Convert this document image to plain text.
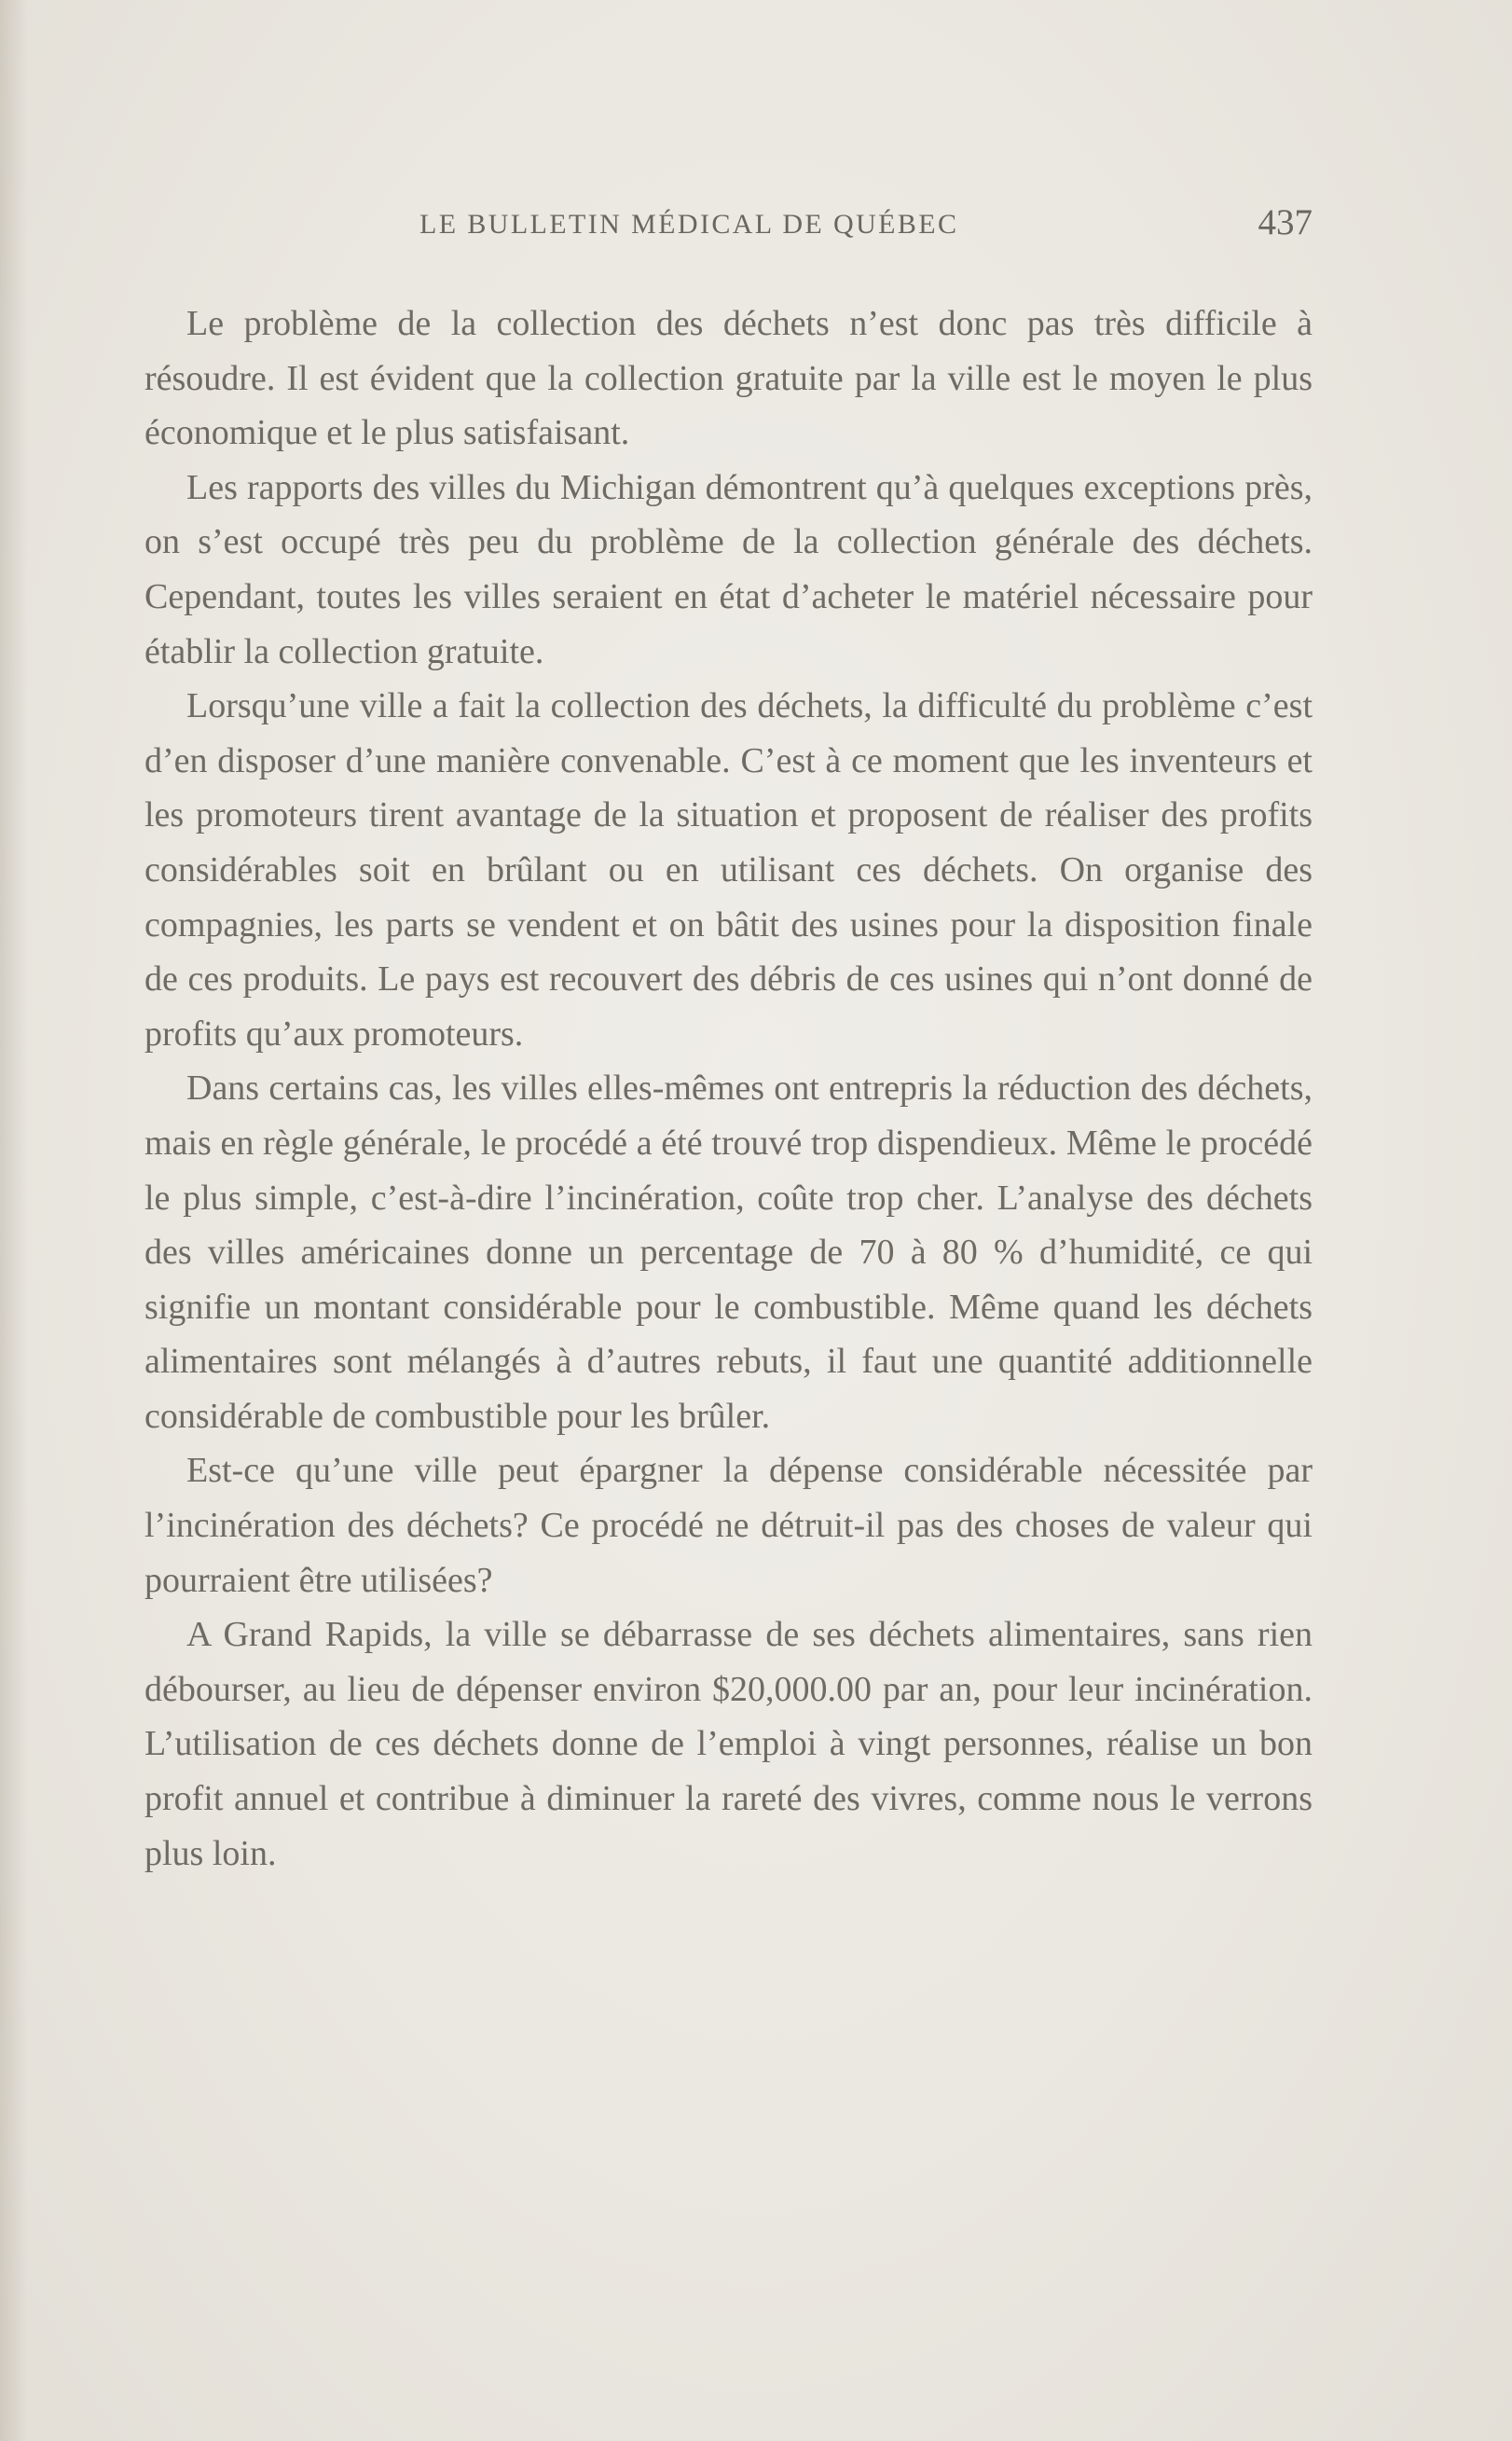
LE BULLETIN MÉDICAL DE QUÉBEC	437

Le problème de la collection des déchets n’est donc pas très difficile à résoudre. Il est évident que la collection gratuite par la ville est le moyen le plus économique et le plus satisfaisant.

Les rapports des villes du Michigan démontrent qu’à quelques exceptions près, on s’est occupé très peu du problème de la collection générale des déchets. Cependant, toutes les villes seraient en état d’acheter le matériel nécessaire pour établir la collection gratuite.

Lorsqu’une ville a fait la collection des déchets, la difficulté du problème c’est d’en disposer d’une manière convenable. C’est à ce moment que les inventeurs et les promoteurs tirent avantage de la situation et proposent de réaliser des profits considérables soit en brûlant ou en utilisant ces déchets. On organise des compagnies, les parts se vendent et on bâtit des usines pour la disposition finale de ces produits. Le pays est recouvert des débris de ces usines qui n’ont donné de profits qu’aux promoteurs.

Dans certains cas, les villes elles-mêmes ont entrepris la réduction des déchets, mais en règle générale, le procédé a été trouvé trop dispendieux. Même le procédé le plus simple, c’est-à-dire l’incinération, coûte trop cher. L’analyse des déchets des villes américaines donne un percentage de 70 à 80 % d’humidité, ce qui signifie un montant considérable pour le combustible. Même quand les déchets alimentaires sont mélangés à d’autres rebuts, il faut une quantité additionnelle considérable de combustible pour les brûler.

Est-ce qu’une ville peut épargner la dépense considérable nécessitée par l’incinération des déchets? Ce procédé ne détruit-il pas des choses de valeur qui pourraient être utilisées?

A Grand Rapids, la ville se débarrasse de ses déchets alimentaires, sans rien débourser, au lieu de dépenser environ $20,000.00 par an, pour leur incinération. L’utilisation de ces déchets donne de l’emploi à vingt personnes, réalise un bon profit annuel et contribue à diminuer la rareté des vivres, comme nous le verrons plus loin.
